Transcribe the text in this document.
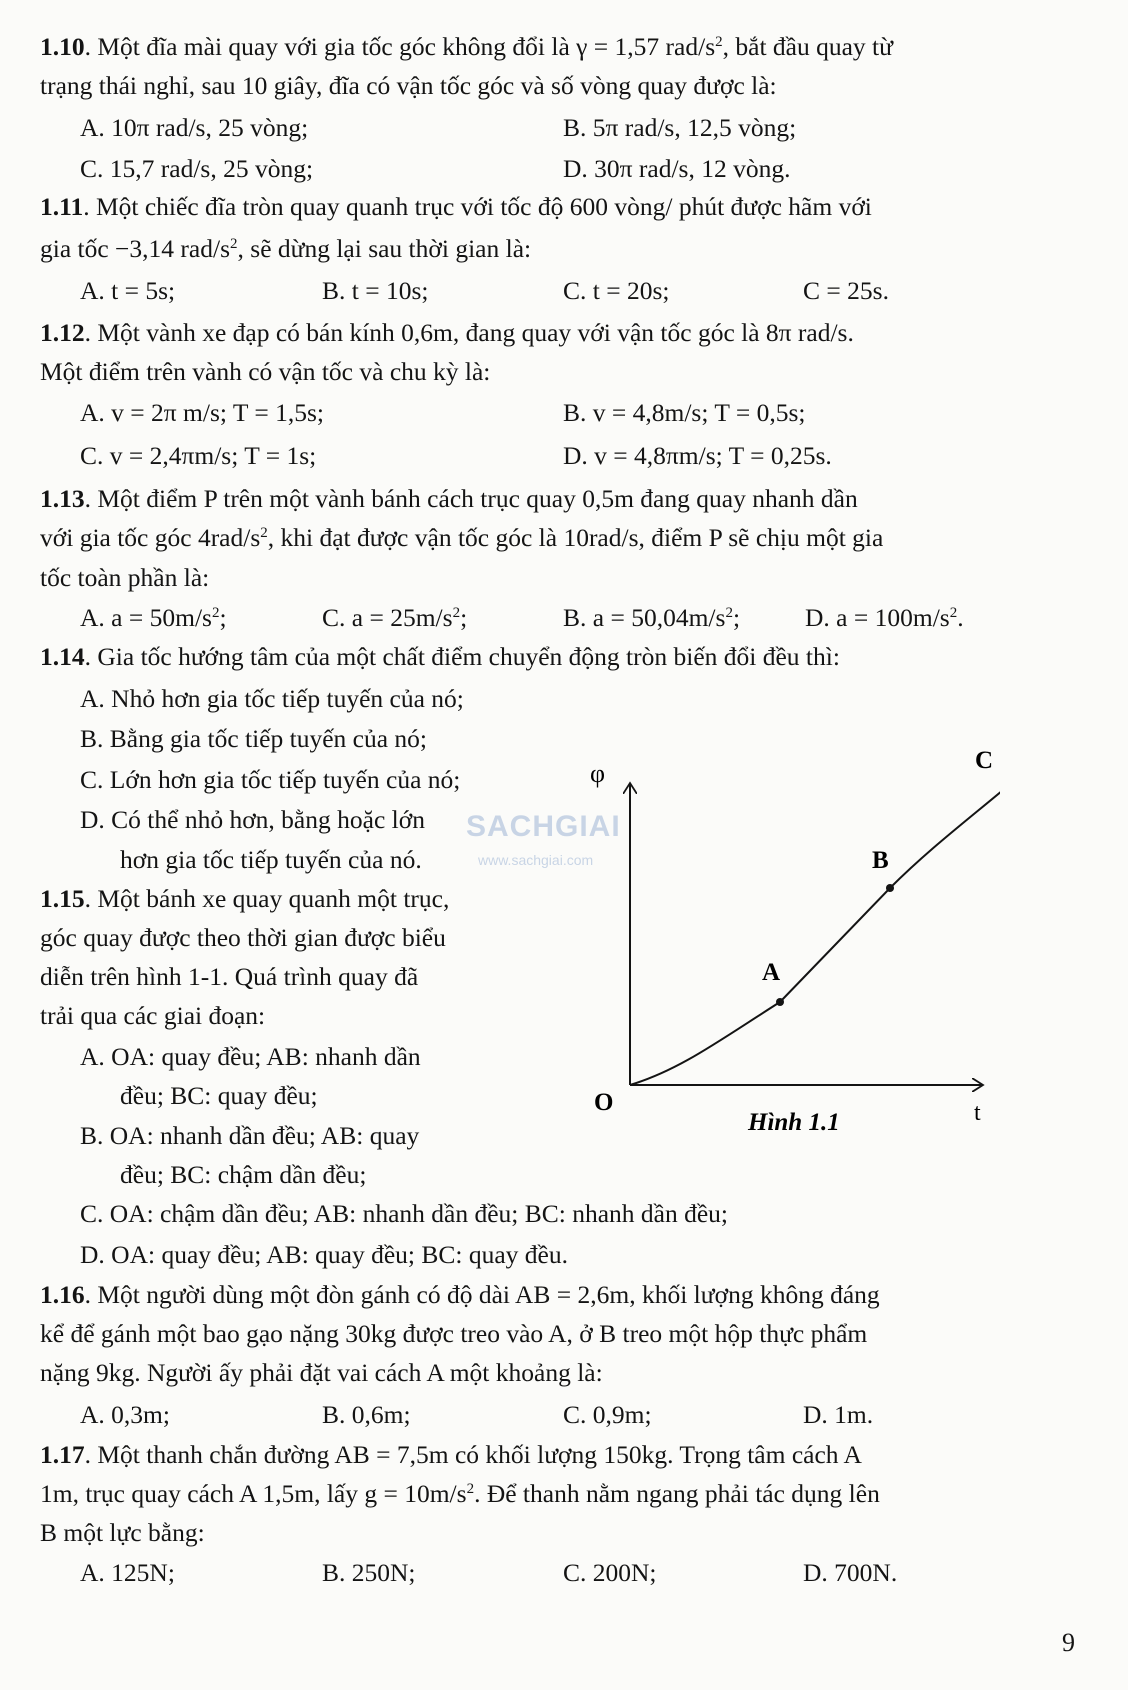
1.10. Một đĩa mài quay với gia tốc góc không đổi là γ = 1,57 rad/$s^2$, bắt đầu quay từ
trạng thái nghỉ, sau 10 giây, đĩa có vận tốc góc và số vòng quay được là:
A. 10π rad/s, 25 vòng;	B. 5π rad/s, 12,5 vòng;
C. 15,7 rad/s, 25 vòng;	D. 30π rad/s, 12 vòng.
1.11. Một chiếc đĩa tròn quay quanh trục với tốc độ 600 vòng/ phút được hãm với
gia tốc −3,14 rad/$s^2$, sẽ dừng lại sau thời gian là:
A. t = 5s;	B. t = 10s;	C. t = 20s;	C = 25s.
1.12. Một vành xe đạp có bán kính 0,6m, đang quay với vận tốc góc là 8π rad/s.
Một điểm trên vành có vận tốc và chu kỳ là:
A. v = 2π m/s; T = 1,5s;	B. v = 4,8m/s; T = 0,5s;
C. v = 2,4πm/s; T = 1s;	D. v = 4,8πm/s; T = 0,25s.
1.13. Một điểm P trên một vành bánh cách trục quay 0,5m đang quay nhanh dần
với gia tốc góc $4rad/s^2$, khi đạt được vận tốc góc là 10rad/s, điểm P sẽ chịu một gia
tốc toàn phần là:
A. $a = 50m/s^2$;	C. $a = 25m/s^2$;	B. $a = 50,04m/s^2$;	D. $a = 100m/s^2$.
1.14. Gia tốc hướng tâm của một chất điểm chuyển động tròn biến đổi đều thì:
A. Nhỏ hơn gia tốc tiếp tuyến của nó;
B. Bằng gia tốc tiếp tuyến của nó;
C. Lớn hơn gia tốc tiếp tuyến của nó;
D. Có thể nhỏ hơn, bằng hoặc lớn
hơn gia tốc tiếp tuyến của nó.
1.15. Một bánh xe quay quanh một trục,
góc quay được theo thời gian được biểu
diễn trên hình 1-1. Quá trình quay đã
trải qua các giai đoạn:
A. OA: quay đều; AB: nhanh dần
đều; BC: quay đều;
B. OA: nhanh dần đều; AB: quay
đều; BC: chậm dần đều;
C. OA: chậm dần đều; AB: nhanh dần đều; BC: nhanh dần đều;
D. OA: quay đều; AB: quay đều; BC: quay đều.
φ
t
O
A
B
C
Hình 1.1
SACHGIAI
www.sachgiai.com
1.16. Một người dùng một đòn gánh có độ dài AB = 2,6m, khối lượng không đáng
kể để gánh một bao gạo nặng 30kg được treo vào A, ở B treo một hộp thực phẩm
nặng 9kg. Người ấy phải đặt vai cách A một khoảng là:
A. 0,3m;	B. 0,6m;	C. 0,9m;	D. 1m.
1.17. Một thanh chắn đường AB = 7,5m có khối lượng 150kg. Trọng tâm cách A
1m, trục quay cách A 1,5m, lấy $g = 10m/s^2$. Để thanh nằm ngang phải tác dụng lên
B một lực bằng:
A. 125N;	B. 250N;	C. 200N;	D. 700N.
9
